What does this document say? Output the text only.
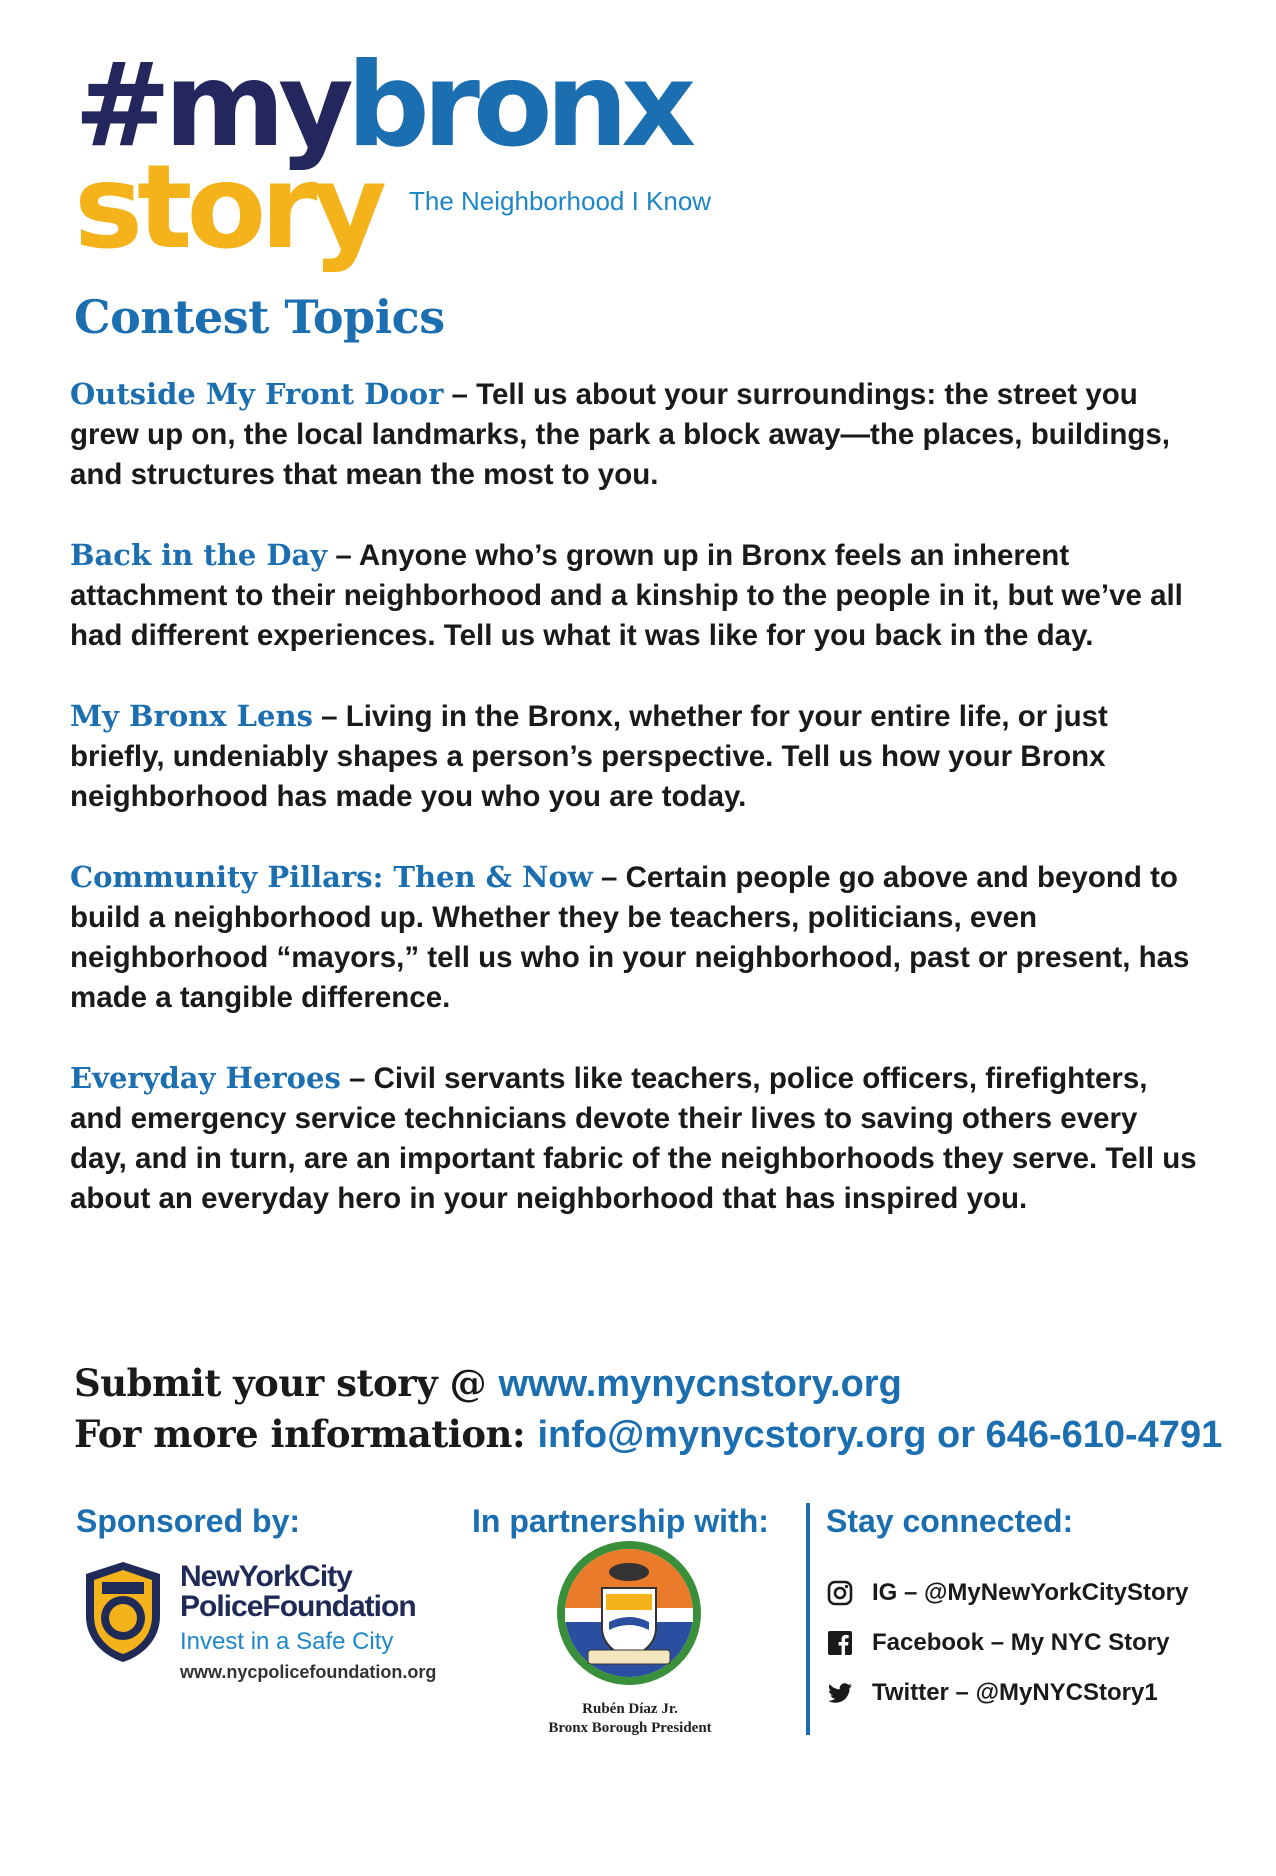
#mybronx
story The Neighborhood I Know
Contest Topics

Outside My Front Door – Tell us about your surroundings: the street you grew up on, the local landmarks, the park a block away—the places, buildings, and structures that mean the most to you.

Back in the Day – Anyone who’s grown up in Bronx feels an inherent attachment to their neighborhood and a kinship to the people in it, but we’ve all had different experiences. Tell us what it was like for you back in the day.

My Bronx Lens – Living in the Bronx, whether for your entire life, or just briefly, undeniably shapes a person’s perspective. Tell us how your Bronx neighborhood has made you who you are today.

Community Pillars: Then & Now – Certain people go above and beyond to build a neighborhood up. Whether they be teachers, politicians, even neighborhood “mayors,” tell us who in your neighborhood, past or present, has made a tangible difference.

Everyday Heroes – Civil servants like teachers, police officers, firefighters, and emergency service technicians devote their lives to saving others every day, and in turn, are an important fabric of the neighborhoods they serve. Tell us about an everyday hero in your neighborhood that has inspired you.

Submit your story @ www.mynycnstory.org
For more information: info@mynycstory.org or 646-610-4791
Sponsored by:	In partnership with: Stay connected:
NewYorkCity
PoliceFoundation
Invest in a Safe City
www.nycpolicefoundation.org
Rubén Díaz Jr.
Bronx Borough President
IG – @MyNewYorkCityStory
Facebook – My NYC Story
Twitter – @MyNYCStory1
